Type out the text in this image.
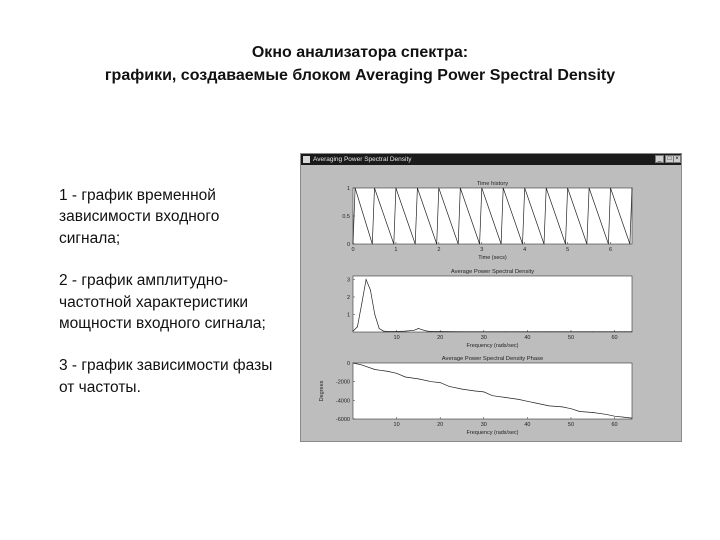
Окно анализатора спектра:
графики, создаваемые блоком Averaging Power Spectral Density

1 - график временной зависимости входного сигнала;

2 - график амплитудно-частотной характеристики мощности входного сигнала;

3 - график зависимости фазы от частоты.

Averaging Power Spectral Density	_	□ ×
Time history
Time (secs)
0	1	2	3	4	5	6
1
0.5
0
Average Power Spectral Density
Frequency (rads/sec)
10	20	30	40	50	60
3
2
1
Average Power Spectral Density Phase
Frequency (rads/sec)
Degrees
10	20	30	40	50	60
0
-2000
-4000
-6000
